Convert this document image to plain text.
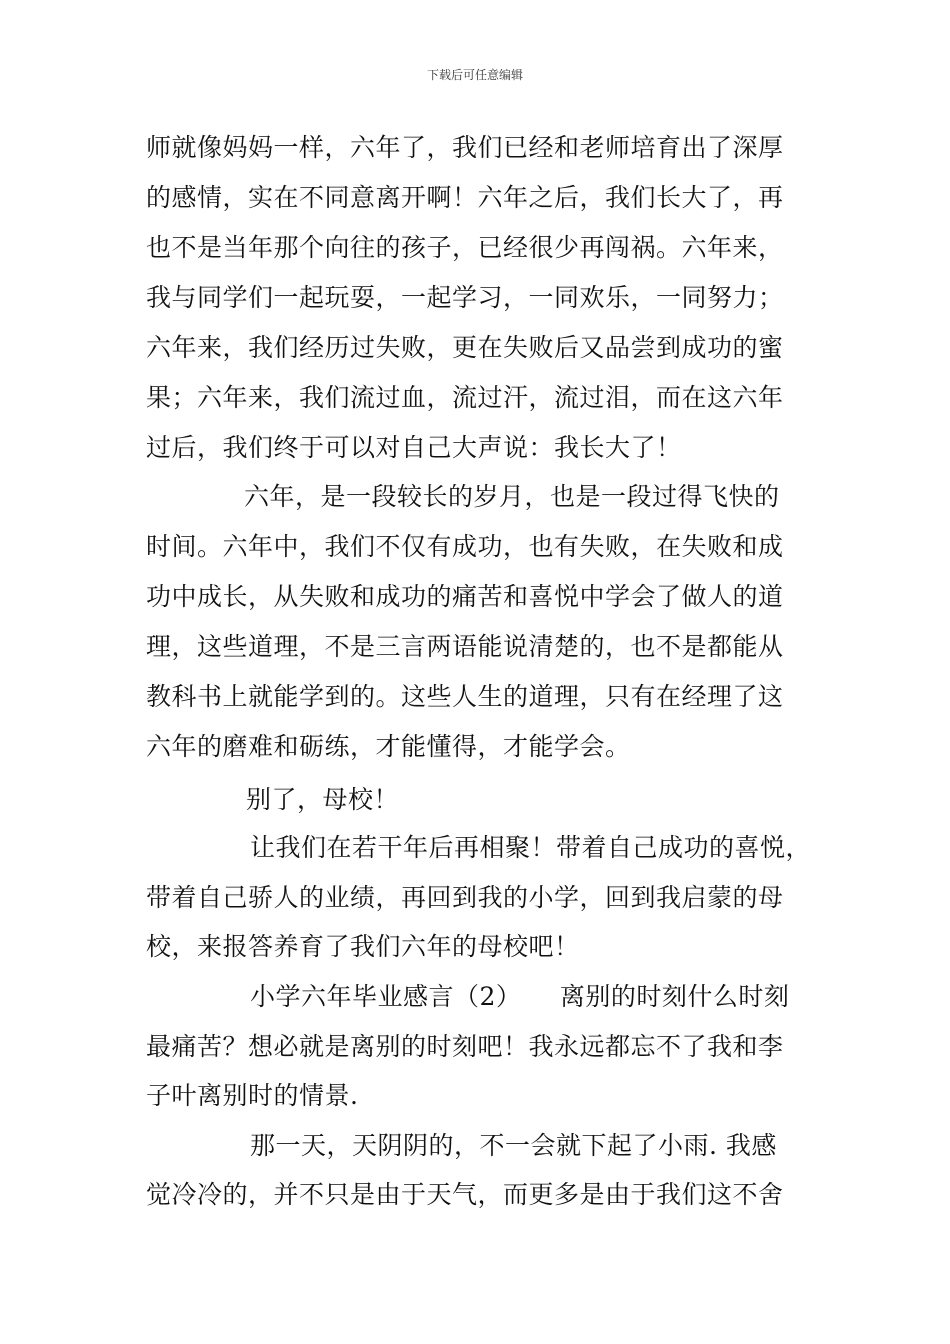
下载后可任意编辑
师就像妈妈一样，六年了，我们已经和老师培育出了深厚
的感情，实在不同意离开啊！六年之后，我们长大了，再
也不是当年那个向往的孩子，已经很少再闯祸。六年来，
我与同学们一起玩耍，一起学习，一同欢乐，一同努力；
六年来，我们经历过失败，更在失败后又品尝到成功的蜜
果；六年来，我们流过血，流过汗，流过泪，而在这六年
过后，我们终于可以对自己大声说：我长大了！
六年，是一段较长的岁月，也是一段过得飞快的
时间。六年中，我们不仅有成功，也有失败，在失败和成
功中成长，从失败和成功的痛苦和喜悦中学会了做人的道
理，这些道理，不是三言两语能说清楚的，也不是都能从
教科书上就能学到的。这些人生的道理，只有在经理了这
六年的磨难和砺练，才能懂得，才能学会。
别了，母校！
让我们在若干年后再相聚！带着自己成功的喜悦，
带着自己骄人的业绩，再回到我的小学，回到我启蒙的母
校，来报答养育了我们六年的母校吧！
小学六年毕业感言（2）　　离别的时刻什么时刻
最痛苦？想必就是离别的时刻吧！我永远都忘不了我和李
子叶离别时的情景.
那一天，天阴阴的，不一会就下起了小雨. 我感
觉冷冷的，并不只是由于天气，而更多是由于我们这不舍
